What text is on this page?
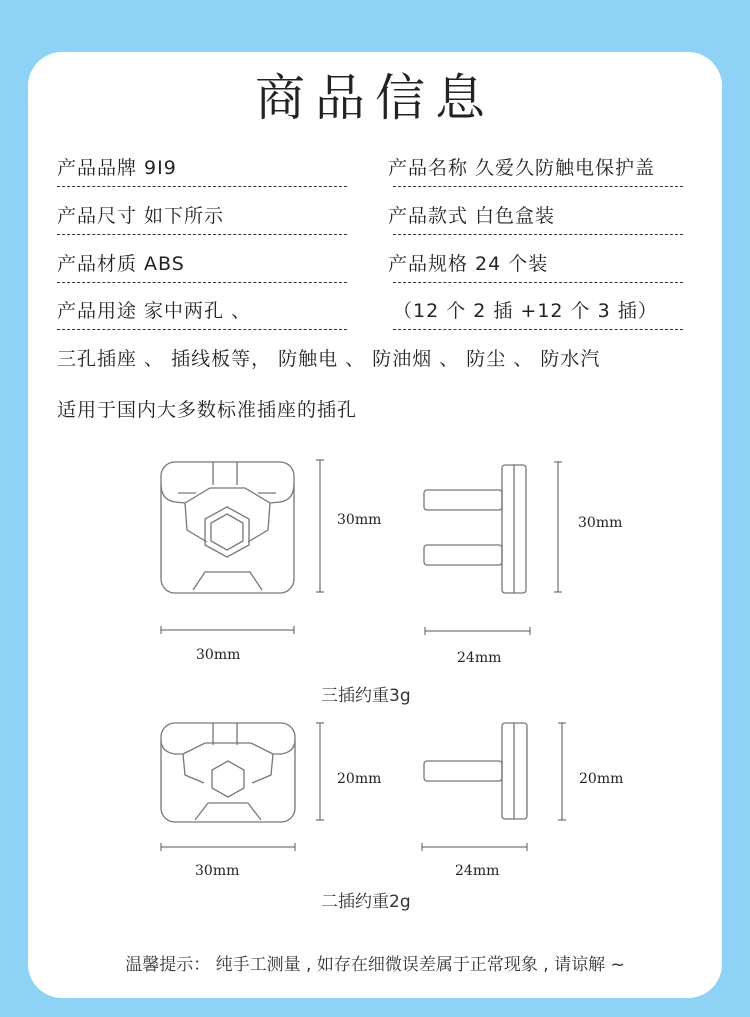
商品信息
产品品牌 9I9	产品名称 久爱久防触电保护盖
产品尺寸 如下所示	产品款式 白色盒装
产品材质 ABS	产品规格 24 个装
产品用途 家中两孔 、	（12 个 2 插 +12 个 3 插）
三孔插座 、 插线板等， 防触电 、 防油烟 、 防尘 、 防水汽
适用于国内大多数标准插座的插孔
30mm
30mm
30mm
24mm
三插约重3g
20mm
30mm
20mm
24mm
二插约重2g
温馨提示： 纯手工测量 , 如存在细微误差属于正常现象 , 请谅解 ~
